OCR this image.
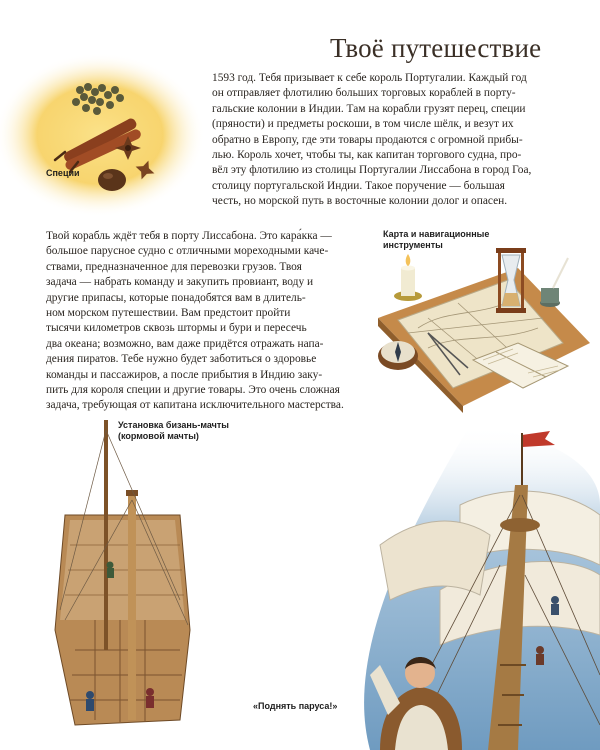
Специи
Твоё путешествие
1593 год. Тебя призывает к себе король Португалии. Каждый год
он отправляет флотилию больших торговых кораблей в порту-
гальские колонии в Индии. Там на корабли грузят перец, специи
(пряности) и предметы роскоши, в том числе шёлк, и везут их
обратно в Европу, где эти товары продаются с огромной прибы-
лью. Король хочет, чтобы ты, как капитан торгового судна, про-
вёл эту флотилию из столицы Португалии Лиссабона в город Гоа,
столицу португальской Индии. Такое поручение — большая
честь, но морской путь в восточные колонии долог и опасен.
Твой корабль ждёт тебя в порту Лиссабона. Это кара́кка —
большое парусное судно с отличными мореходными каче-
ствами, предназначенное для перевозки грузов. Твоя
задача — набрать команду и закупить провиант, воду и
другие припасы, которые понадобятся вам в длитель-
ном морском путешествии. Вам предстоит пройти
тысячи километров сквозь штормы и бури и пересечь
два океана; возможно, вам даже придётся отражать напа-
дения пиратов. Тебе нужно будет заботиться о здоровье
команды и пассажиров, а после прибытия в Индию заку-
пить для короля специи и другие товары. Это очень сложная
задача, требующая от капитана исключительного мастерства.
Карта и навигационные
инструменты
Установка бизань-мачты
(кормовой мачты)
«Поднять паруса!»
